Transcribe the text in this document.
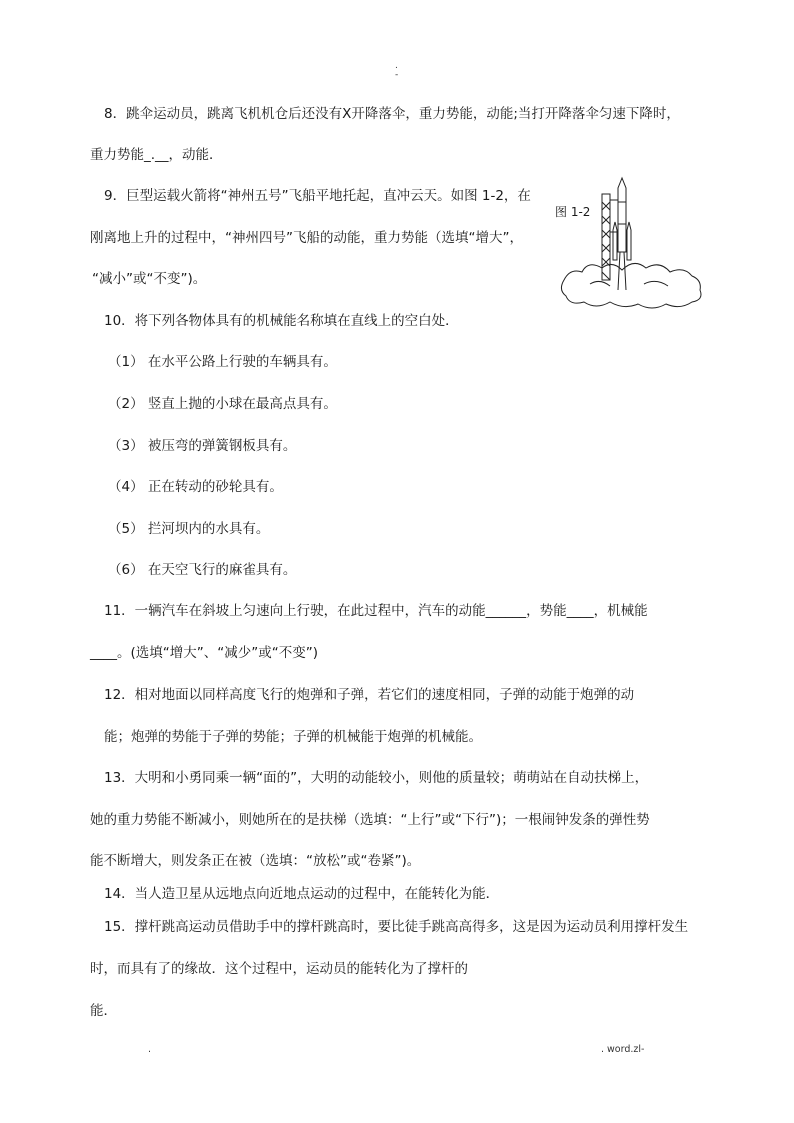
.
-
8．跳伞运动员，跳离飞机机仓后还没有X开降落伞，重力势能，动能;当打开降落伞匀速下降时，
重力势能_.__，动能．
9．巨型运载火箭将“神州五号”飞船平地托起，直冲云天。如图 1-2，在
刚离地上升的过程中，“神州四号”飞船的动能，重力势能（选填“增大”，
“减小”或“不变”)。
图 1-2
10．将下列各物体具有的机械能名称填在直线上的空白处．
（1） 在水平公路上行驶的车辆具有。
（2） 竖直上抛的小球在最高点具有。
（3） 被压弯的弹簧钢板具有。
（4） 正在转动的砂轮具有。
（5） 拦河坝内的水具有。
（6） 在天空飞行的麻雀具有。
11．一辆汽车在斜坡上匀速向上行驶，在此过程中，汽车的动能______，势能____，机械能
____。(选填“增大”、“减少”或“不变”)
12．相对地面以同样高度飞行的炮弹和子弹，若它们的速度相同，子弹的动能于炮弹的动
能；炮弹的势能于子弹的势能；子弹的机械能于炮弹的机械能。
13．大明和小勇同乘一辆“面的”，大明的动能较小，则他的质量较；萌萌站在自动扶梯上，
她的重力势能不断减小，则她所在的是扶梯（选填：“上行”或“下行”)；一根闹钟发条的弹性势
能不断增大，则发条正在被（选填：“放松”或“卷紧”)。
14．当人造卫星从远地点向近地点运动的过程中，在能转化为能．
15．撑杆跳高运动员借助手中的撑杆跳高时，要比徒手跳高高得多，这是因为运动员利用撑杆发生
时，而具有了的缘故．这个过程中，运动员的能转化为了撑杆的
能．
.	. word.zl-
